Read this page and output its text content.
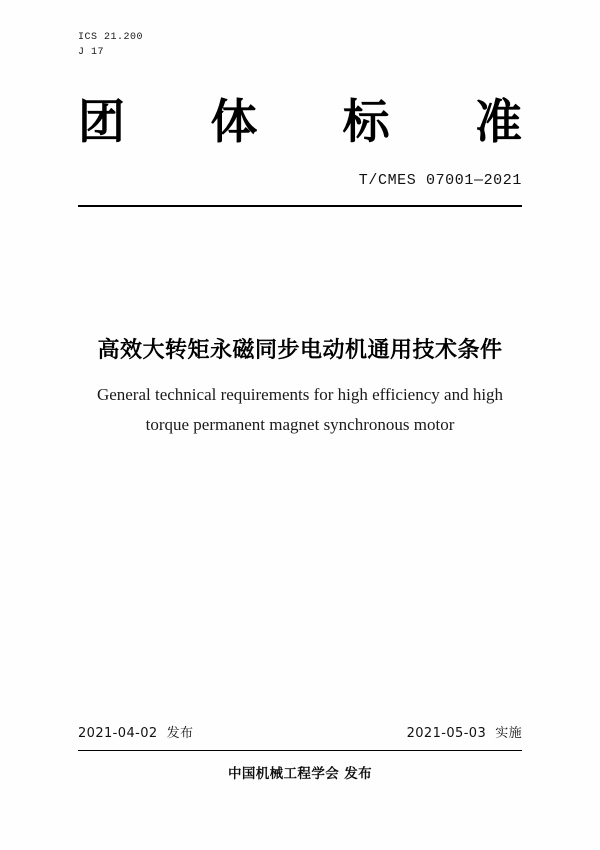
ICS 21.200
J 17
团 体 标 准
T/CMES 07001—2021
高效大转矩永磁同步电动机通用技术条件
General technical requirements for high efficiency and high
torque permanent magnet synchronous motor
2021-04-02  发布	2021-05-03  实施
中国机械工程学会 发布
